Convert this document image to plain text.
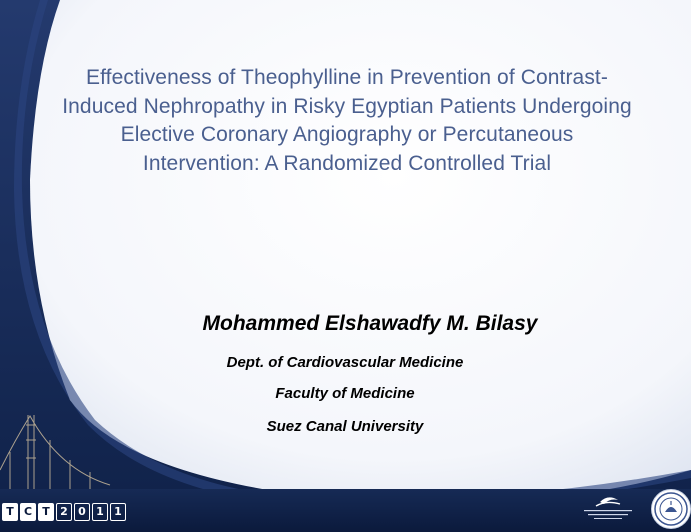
Effectiveness of Theophylline in Prevention of Contrast-Induced Nephropathy in Risky Egyptian Patients Undergoing Elective Coronary Angiography or Percutaneous Intervention: A Randomized Controlled Trial
Mohammed Elshawadfy M. Bilasy
Dept. of Cardiovascular Medicine
Faculty of Medicine
Suez Canal University
T C T 2 0 1 1
